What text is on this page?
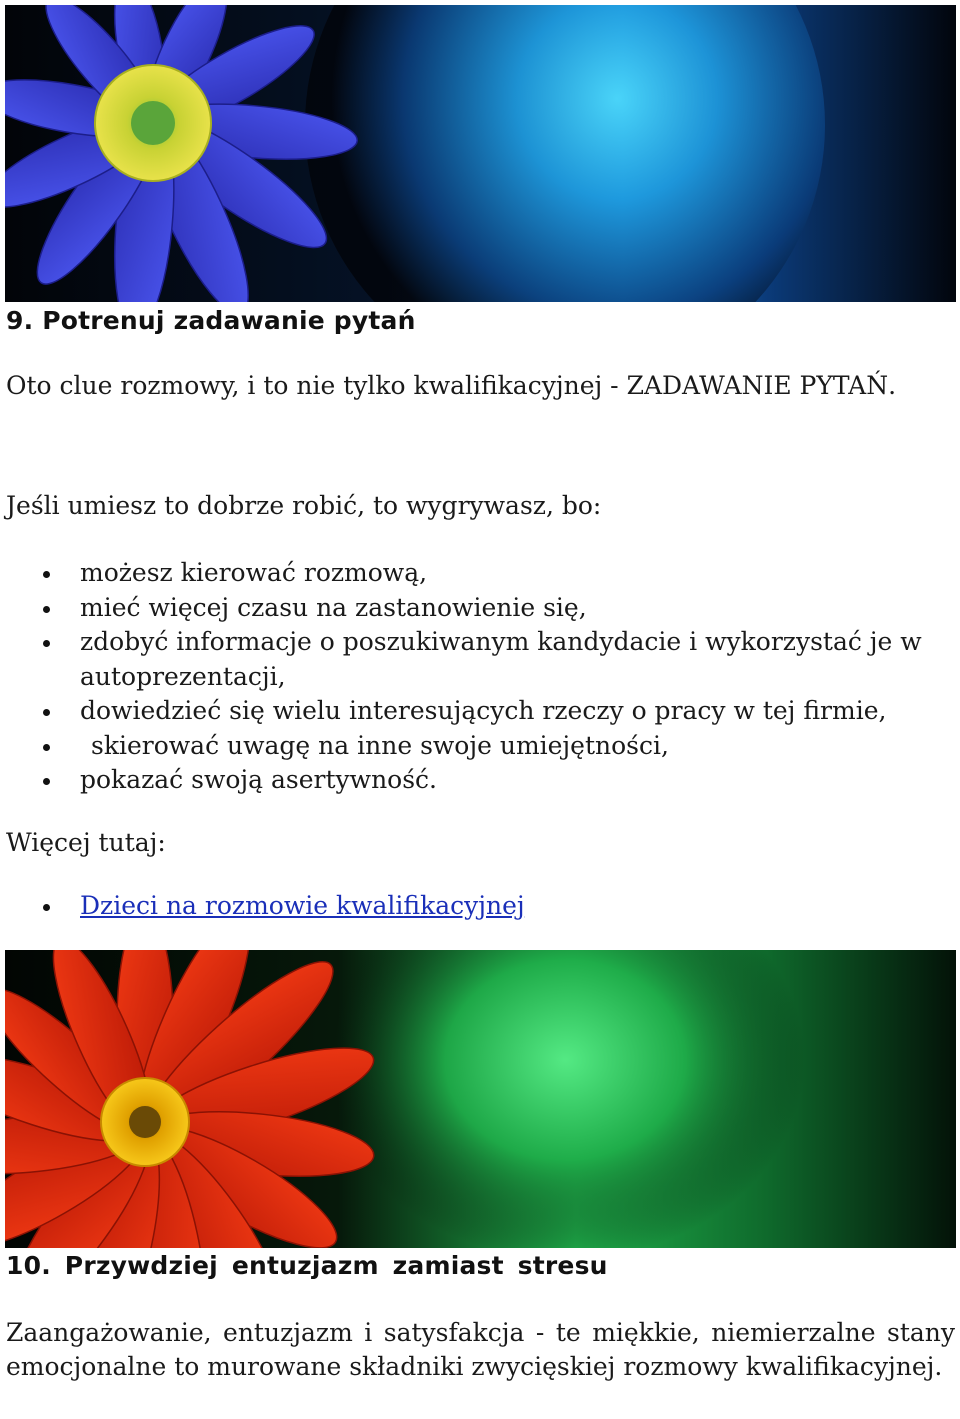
9. Potrenuj zadawanie pytań

Oto clue rozmowy, i to nie tylko kwalifikacyjnej - ZADAWANIE PYTAŃ.

Jeśli umiesz to dobrze robić, to wygrywasz, bo:

możesz kierować rozmową,
mieć więcej czasu na zastanowienie się,
zdobyć informacje o poszukiwanym kandydacie i wykorzystać je w autoprezentacji,
dowiedzieć się wielu interesujących rzeczy o pracy w tej firmie,
skierować uwagę na inne swoje umiejętności,
pokazać swoją asertywność.

Więcej tutaj:

Dzieci na rozmowie kwalifikacyjnej
10. Przywdziej entuzjazm zamiast stresu

Zaangażowanie, entuzjazm i satysfakcja - te miękkie, niemierzalne stany emocjonalne to murowane składniki zwycięskiej rozmowy kwalifikacyjnej.
